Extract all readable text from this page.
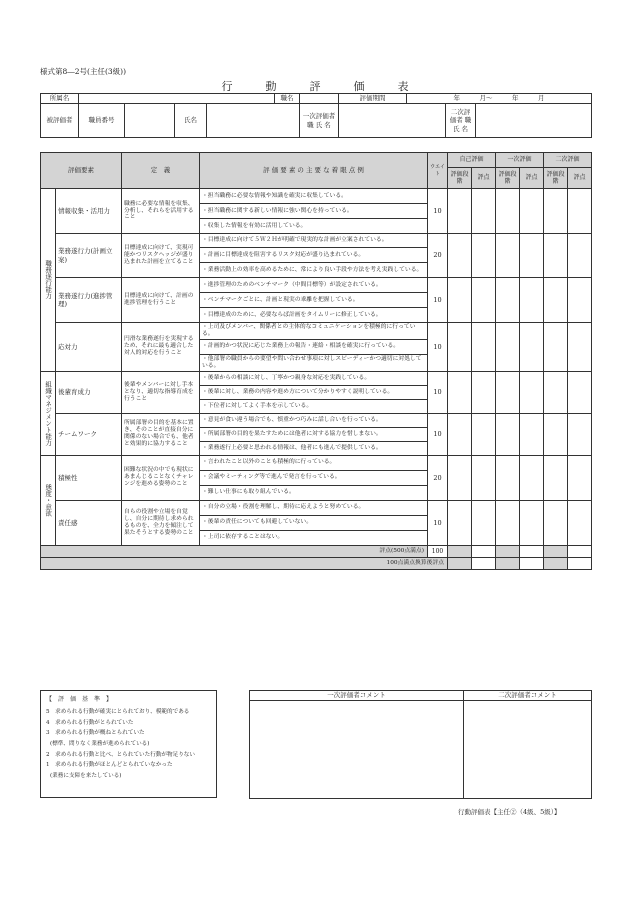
様式第8―2号(主任(3級))
行　　　動　　　評　　　価　　　表
所属名					職名		評価期間	年　　　月～　　　年　　　月		
被評価者	職員番号		氏名			一次評価者 職 氏 名			二次評価者 職 氏 名	
評価要素		定　義	評 価 要 素 の 主 要 な 着 眼 点 例	ウエイト	自己評価		一次評価		二次評価	
					評価段階	評点	評価段階	評点	評価段階	評点

職務遂行能力	情報収集・活用力	職務に必要な情報を収集、分析し、それらを活用すること	・担当職務に必要な情報や知識を確実に収集している。	10						
			・担当職務に関する新しい情報に強い関心を持っている。							
			・収集した情報を有効に活用している。							
	業務遂行力(計画立案)	目標達成に向けて、実現可能かつリスクヘッジが盛り込まれた計画を立てること	・目標達成に向けて５Ｗ２Ｈが明確で現実的な計画が立案されている。	20						
			・計画に目標達成を阻害するリスク対応が盛り込まれている。							
			・業務活動上の効率を高めるために、常により良い手段や方法を考え実践している。							
	業務遂行力(進捗管理)	目標達成に向けて、計画の進捗管理を行うこと	・進捗管理のためのベンチマーク（中間目標等）が設定されている。	10						
			・ベンチマークごとに、計画と現実の乖離を把握している。							
			・目標達成のために、必要ならば計画をタイムリーに修正している。							
	応対力	円滑な業務遂行を実現するため、それに最も適合した対人的対応を行うこと	・上司及びメンバー、関係者との主体的なコミュニケーションを積極的に行っている。	10						
			・計画的かつ状況に応じた業務上の報告・連絡・相談を確実に行っている。							
			・他部署の職員からの要望や問い合わせ事項に対しスピーディーかつ適切に対処している。							

組織マネジメント能力	後輩育成力	後輩やメンバーに対し手本となり、適切な指導育成を行うこと	・後輩からの相談に対し、丁寧かつ親身な対応を実践している。	10						
			・後輩に対し、業務の内容や進め方について分かりやすく説明している。							
			・下位者に対してよく手本を示している。							
	チームワーク	所属部署の目的を基本に置き、そのことが直接自分に関係のない場合でも、他者と効果的に協力すること	・意見が食い違う場合でも、慎重かつ巧みに話し合いを行っている。	10						
			・所属部署の目的を果たすためには他者に対する協力を惜しまない。							
			・業務遂行上必要と思われる情報は、他者にも進んで提供している。							

態度・意欲	積極性	困難な状況の中でも現状にあまんじることなくチャレンジを進める姿勢のこと	・言われたこと以外のことも積極的に行っている。	20						
			・会議やミーティング等で進んで発言を行っている。							
			・難しい仕事にも取り組んでいる。							
	責任感	自らの役割や立場を自覚し、自分に期待し求められるものを、全力を傾注して果たそうとする姿勢のこと	・自分の立場・役割を理解し、期待に応えようと努めている。	10						
			・後輩の責任についても回避していない。							
			・上司に依存することはない。							
評点(500点満点)				100						
100点満点換算後評点										
【　評　価　基　準　】
5　求められる行動が確実にとられており、模範的である
4　求められる行動がとられていた
3　求められる行動が概ねとられていた
(標準、問りなく業務が進められている)
2　求められる行動と比べ、とられていた行動が物足りない
1　求められる行動がほとんどとられていなかった
(業務に支障を来たしている)
一次評価者コメント	二次評価者コメント

行動評価表【主任②（4級、5級）】
